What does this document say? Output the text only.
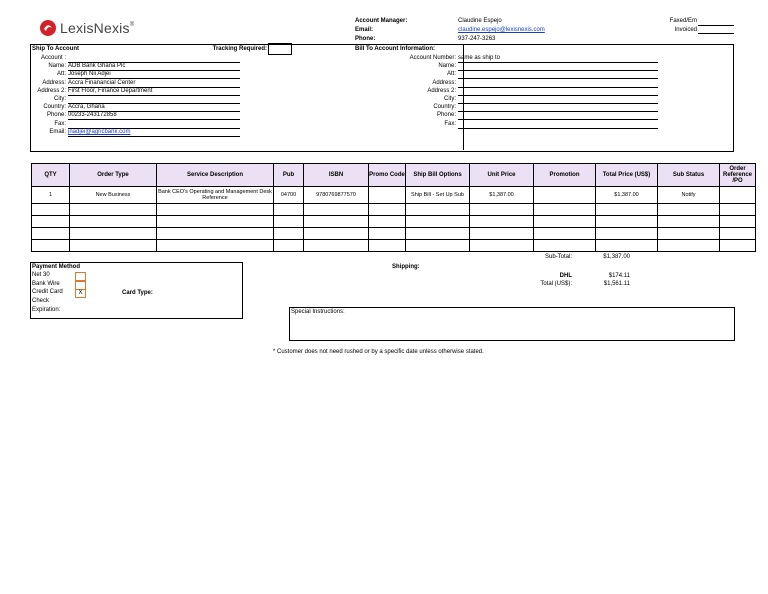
LexisNexis ®
Account Manager:	Claudine Espejo
Email:	claudine.espejo@lexisnexis.com
Phone:	937-247-3263
Faxed/Em
Invoiced
Ship To Account	Tracking Required:
Account :
Name: ADB Bank Ghana Plc
Att: Joseph Nii Adjei
Address: Accra Finanancial Center
Address 2: First Floor, Finance Department
City:
Country: Accra, Ghana
Phone: 00233-243172858
Fax:
Email: jnadjei@agricbank.com
Bill To Account Information:
Account Number: same as ship to
Name:
Att:
Address:
Address 2:
City:
Country:
Phone:
Fax:
QTY	Order Type	Service Description	Pub	ISBN	Promo Code	Ship Bill Options	Unit Price	Promotion	Total Price (US$)	Sub Status	Order Reference /PO
1	New Business	Bank CEO's Operating and Management Desk Reference	04700	9780769877570		Ship Bill - Set Up Sub	$1,387.00		$1,387.00	Notify	

Sub-Total:	$1,387.00
Shipping:
DHL	$174.11
Total (US$):	$1,561.11
Payment Method
Net 30
Bank Wire
Credit Card	X
Check
Expiration:
Card Type:
Special Instructions:
* Customer does not need rushed or by a specific date unless otherwise stated.
